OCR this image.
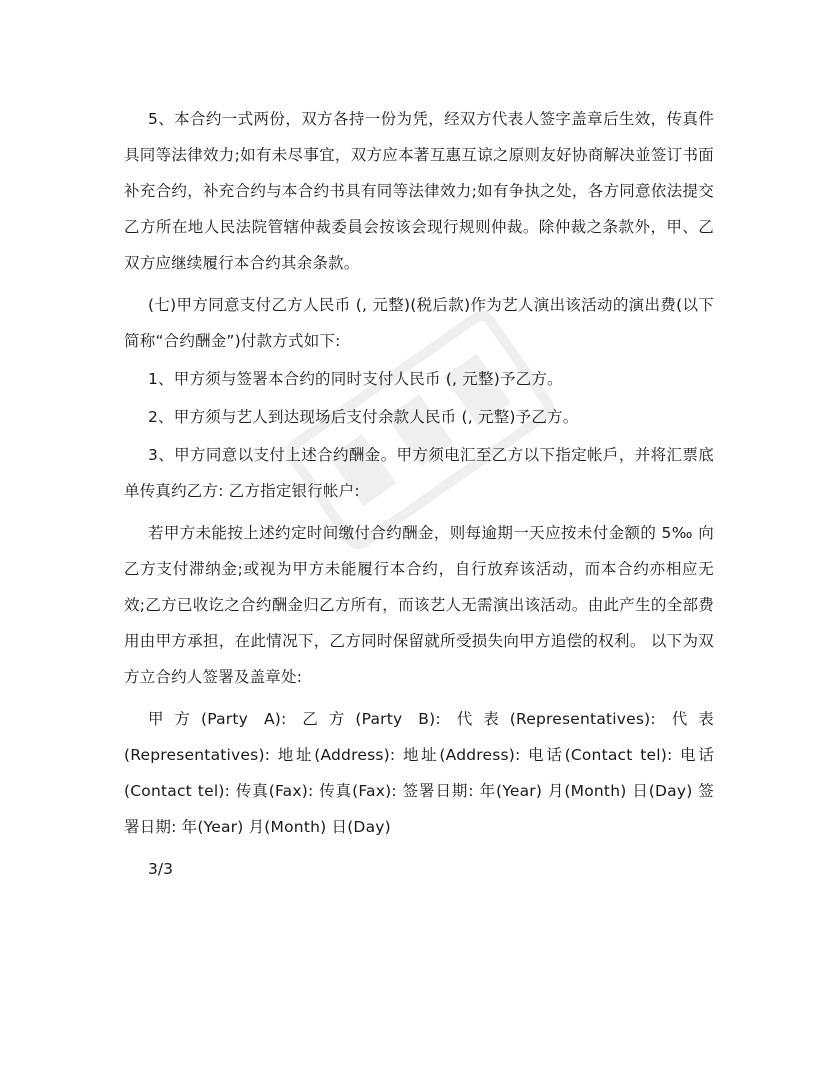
5、本合约一式两份，双方各持一份为凭，经双方代表人签字盖章后生效，传真件具同等法律效力;如有未尽事宜，双方应本著互惠互谅之原则友好协商解决並签订书面补充合约，补充合约与本合约书具有同等法律效力;如有争执之处，各方同意依法提交乙方所在地人民法院管辖仲裁委員会按该会现行规则仲裁。除仲裁之条款外，甲、乙双方应继续履行本合约其余条款。

(七)甲方同意支付乙方人民币 (, 元整)(税后款)作为艺人演出该活动的演出费(以下简称“合约酬金”)付款方式如下:

1、甲方须与签署本合约的同时支付人民币 (, 元整)予乙方。

2、甲方须与艺人到达现场后支付余款人民币 (, 元整)予乙方。

3、甲方同意以支付上述合约酬金。甲方须电汇至乙方以下指定帐戶，并将汇票底单传真约乙方: 乙方指定银行帐户:

若甲方未能按上述约定时间缴付合约酬金，则每逾期一天应按未付金额的 5‰ 向乙方支付滞纳金;或视为甲方未能履行本合约，自行放弃该活动，而本合约亦相应无效;乙方已收讫之合约酬金归乙方所有，而该艺人无需演出该活动。由此产生的全部费用由甲方承担，在此情况下，乙方同时保留就所受损失向甲方追偿的权利。 以下为双方立合约人签署及盖章处:

甲方(Party A): 乙方(Party B): 代表(Representatives): 代表(Representatives): 地址(Address): 地址(Address): 电话(Contact tel): 电话(Contact tel): 传真(Fax): 传真(Fax): 签署日期: 年(Year) 月(Month) 日(Day) 签署日期: 年(Year) 月(Month) 日(Day)

3/3
